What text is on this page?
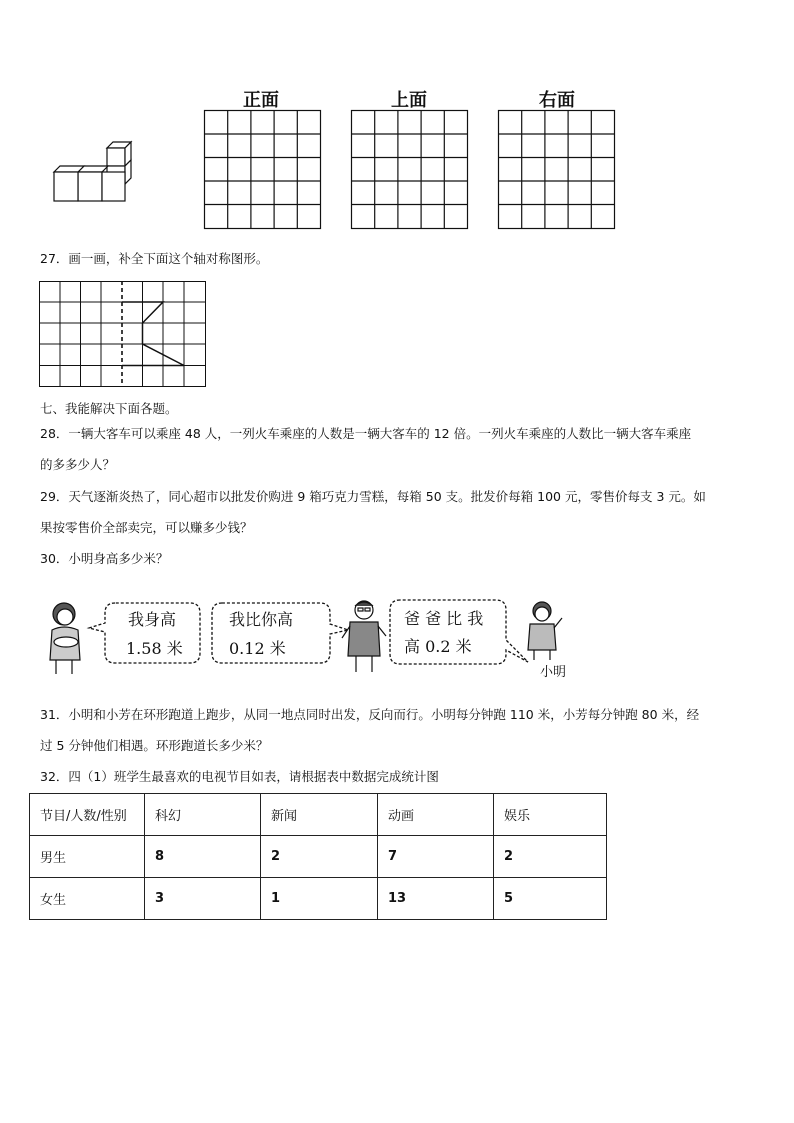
正面	上面	右面
27．画一画，补全下面这个轴对称图形。
七、我能解决下面各题。
28．一辆大客车可以乘座 48 人，一列火车乘座的人数是一辆大客车的 12 倍。一列火车乘座的人数比一辆大客车乘座
的多多少人？
29．天气逐渐炎热了，同心超市以批发价购进 9 箱巧克力雪糕，每箱 50 支。批发价每箱 100 元，零售价每支 3 元。如
果按零售价全部卖完，可以赚多少钱？
30．小明身高多少米？
我身高
1.58 米
我比你高
0.12 米
爸 爸 比 我
高 0.2 米
小明
31．小明和小芳在环形跑道上跑步，从同一地点同时出发，反向而行。小明每分钟跑 110 米，小芳每分钟跑 80 米，经
过 5 分钟他们相遇。环形跑道长多少米？
32．四（1）班学生最喜欢的电视节目如表，请根据表中数据完成统计图
节目/人数/性别	科幻	新闻	动画	娱乐
男生	8	2	7	2
女生	3	1	13	5
